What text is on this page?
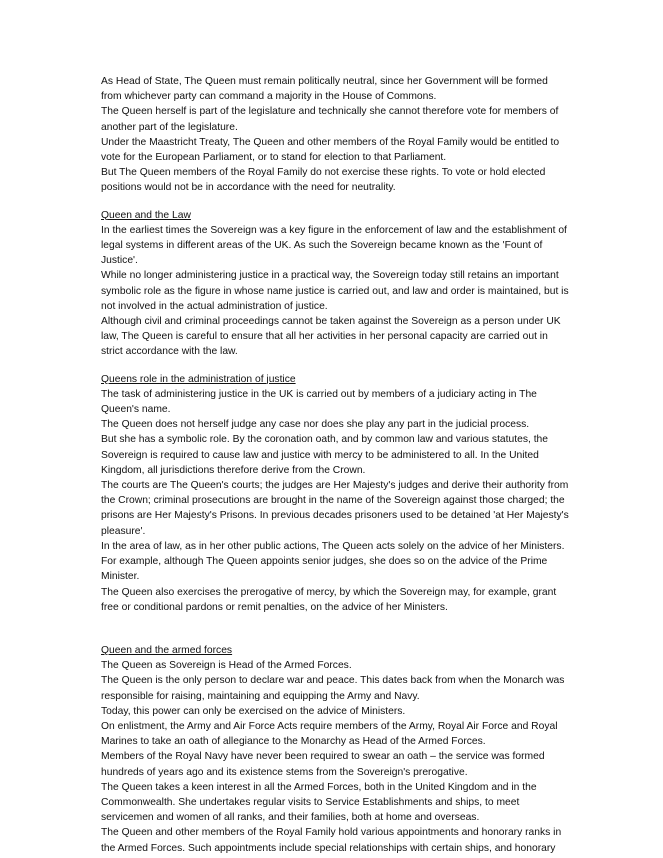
As Head of State, The Queen must remain politically neutral, since her Government will be formed from whichever party can command a majority in the House of Commons.

The Queen herself is part of the legislature and technically she cannot therefore vote for members of another part of the legislature.

Under the Maastricht Treaty, The Queen and other members of the Royal Family would be entitled to vote for the European Parliament, or to stand for election to that Parliament.

But The Queen members of the Royal Family do not exercise these rights. To vote or hold elected positions would not be in accordance with the need for neutrality.

Queen and the Law

In the earliest times the Sovereign was a key figure in the enforcement of law and the establishment of legal systems in different areas of the UK. As such the Sovereign became known as the 'Fount of Justice'.

While no longer administering justice in a practical way, the Sovereign today still retains an important symbolic role as the figure in whose name justice is carried out, and law and order is maintained, but is not involved in the actual administration of justice.

Although civil and criminal proceedings cannot be taken against the Sovereign as a person under UK law, The Queen is careful to ensure that all her activities in her personal capacity are carried out in strict accordance with the law.

Queens role in the administration of justice

The task of administering justice in the UK is carried out by members of a judiciary acting in The Queen's name.

The Queen does not herself judge any case nor does she play any part in the judicial process.

But she has a symbolic role. By the coronation oath, and by common law and various statutes, the Sovereign is required to cause law and justice with mercy to be administered to all. In the United Kingdom, all jurisdictions therefore derive from the Crown.

The courts are The Queen's courts; the judges are Her Majesty's judges and derive their authority from the Crown; criminal prosecutions are brought in the name of the Sovereign against those charged; the prisons are Her Majesty's Prisons. In previous decades prisoners used to be detained 'at Her Majesty's pleasure'.

In the area of law, as in her other public actions, The Queen acts solely on the advice of her Ministers. For example, although The Queen appoints senior judges, she does so on the advice of the Prime Minister.

The Queen also exercises the prerogative of mercy, by which the Sovereign may, for example, grant free or conditional pardons or remit penalties, on the advice of her Ministers.

Queen and the armed forces

The Queen as Sovereign is Head of the Armed Forces.

The Queen is the only person to declare war and peace. This dates back from when the Monarch was responsible for raising, maintaining and equipping the Army and Navy.

Today, this power can only be exercised on the advice of Ministers.

On enlistment, the Army and Air Force Acts require members of the Army, Royal Air Force and Royal Marines to take an oath of allegiance to the Monarchy as Head of the Armed Forces.

Members of the Royal Navy have never been required to swear an oath – the service was formed hundreds of years ago and its existence stems from the Sovereign's prerogative.

The Queen takes a keen interest in all the Armed Forces, both in the United Kingdom and in the Commonwealth. She undertakes regular visits to Service Establishments and ships, to meet servicemen and women of all ranks, and their families, both at home and overseas.

The Queen and other members of the Royal Family hold various appointments and honorary ranks in the Armed Forces. Such appointments include special relationships with certain ships, and honorary
